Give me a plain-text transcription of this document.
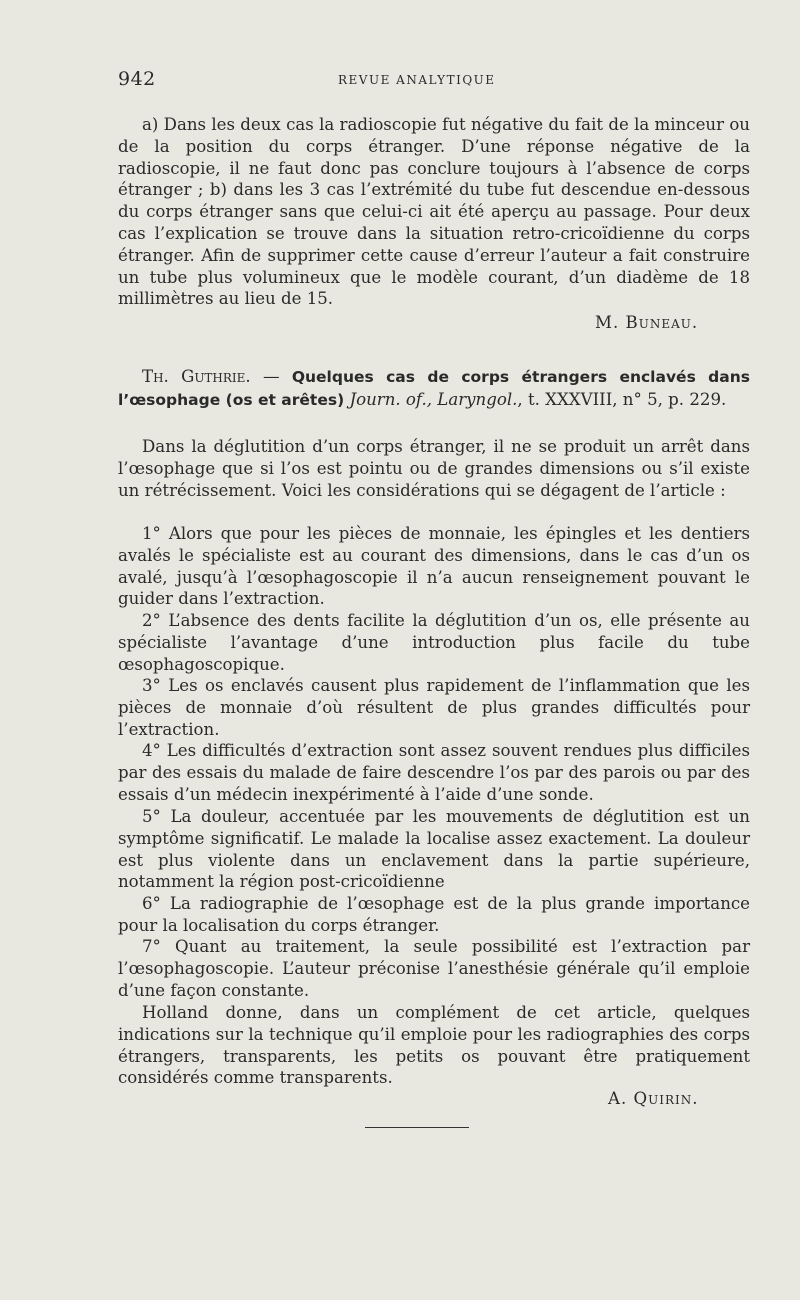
942	REVUE ANALYTIQUE

a) Dans les deux cas la radioscopie fut négative du fait de la minceur ou de la position du corps étranger. D’une réponse négative de la radioscopie, il ne faut donc pas conclure toujours à l’absence de corps étranger ; b) dans les 3 cas l’extrémité du tube fut descendue en-dessous du corps étranger sans que celui-ci ait été aperçu au passage. Pour deux cas l’explication se trouve dans la situation retro-cricoïdienne du corps étranger. Afin de supprimer cette cause d’erreur l’auteur a fait construire un tube plus volumineux que le modèle courant, d’un diadème de 18 millimètres au lieu de 15.

M. Buneau.

Th. Guthrie. — Quelques cas de corps étrangers enclavés dans l’œsophage (os et arêtes) Journ. of., Laryngol., t. XXXVIII, n° 5, p. 229.

Dans la déglutition d’un corps étranger, il ne se produit un arrêt dans l’œsophage que si l’os est pointu ou de grandes dimensions ou s’il existe un rétrécissement. Voici les considérations qui se dégagent de l’article :

1° Alors que pour les pièces de monnaie, les épingles et les dentiers avalés le spécialiste est au courant des dimensions, dans le cas d’un os avalé, jusqu’à l’œsophagoscopie il n’a aucun renseignement pouvant le guider dans l’extraction.

2° L’absence des dents facilite la déglutition d’un os, elle présente au spécialiste l’avantage d’une introduction plus facile du tube œsophagoscopique.

3° Les os enclavés causent plus rapidement de l’inflammation que les pièces de monnaie d’où résultent de plus grandes difficultés pour l’extraction.

4° Les difficultés d’extraction sont assez souvent rendues plus difficiles par des essais du malade de faire descendre l’os par des parois ou par des essais d’un médecin inexpérimenté à l’aide d’une sonde.

5° La douleur, accentuée par les mouvements de déglutition est un symptôme significatif. Le malade la localise assez exactement. La douleur est plus violente dans un enclavement dans la partie supérieure, notamment la région post-cricoïdienne

6° La radiographie de l’œsophage est de la plus grande importance pour la localisation du corps étranger.

7° Quant au traitement, la seule possibilité est l’extraction par l’œsophagoscopie. L’auteur préconise l’anesthésie générale qu’il emploie d’une façon constante.

Holland donne, dans un complément de cet article, quelques indications sur la technique qu’il emploie pour les radiographies des corps étrangers, transparents, les petits os pouvant être pratiquement considérés comme transparents.

A. Quirin.
